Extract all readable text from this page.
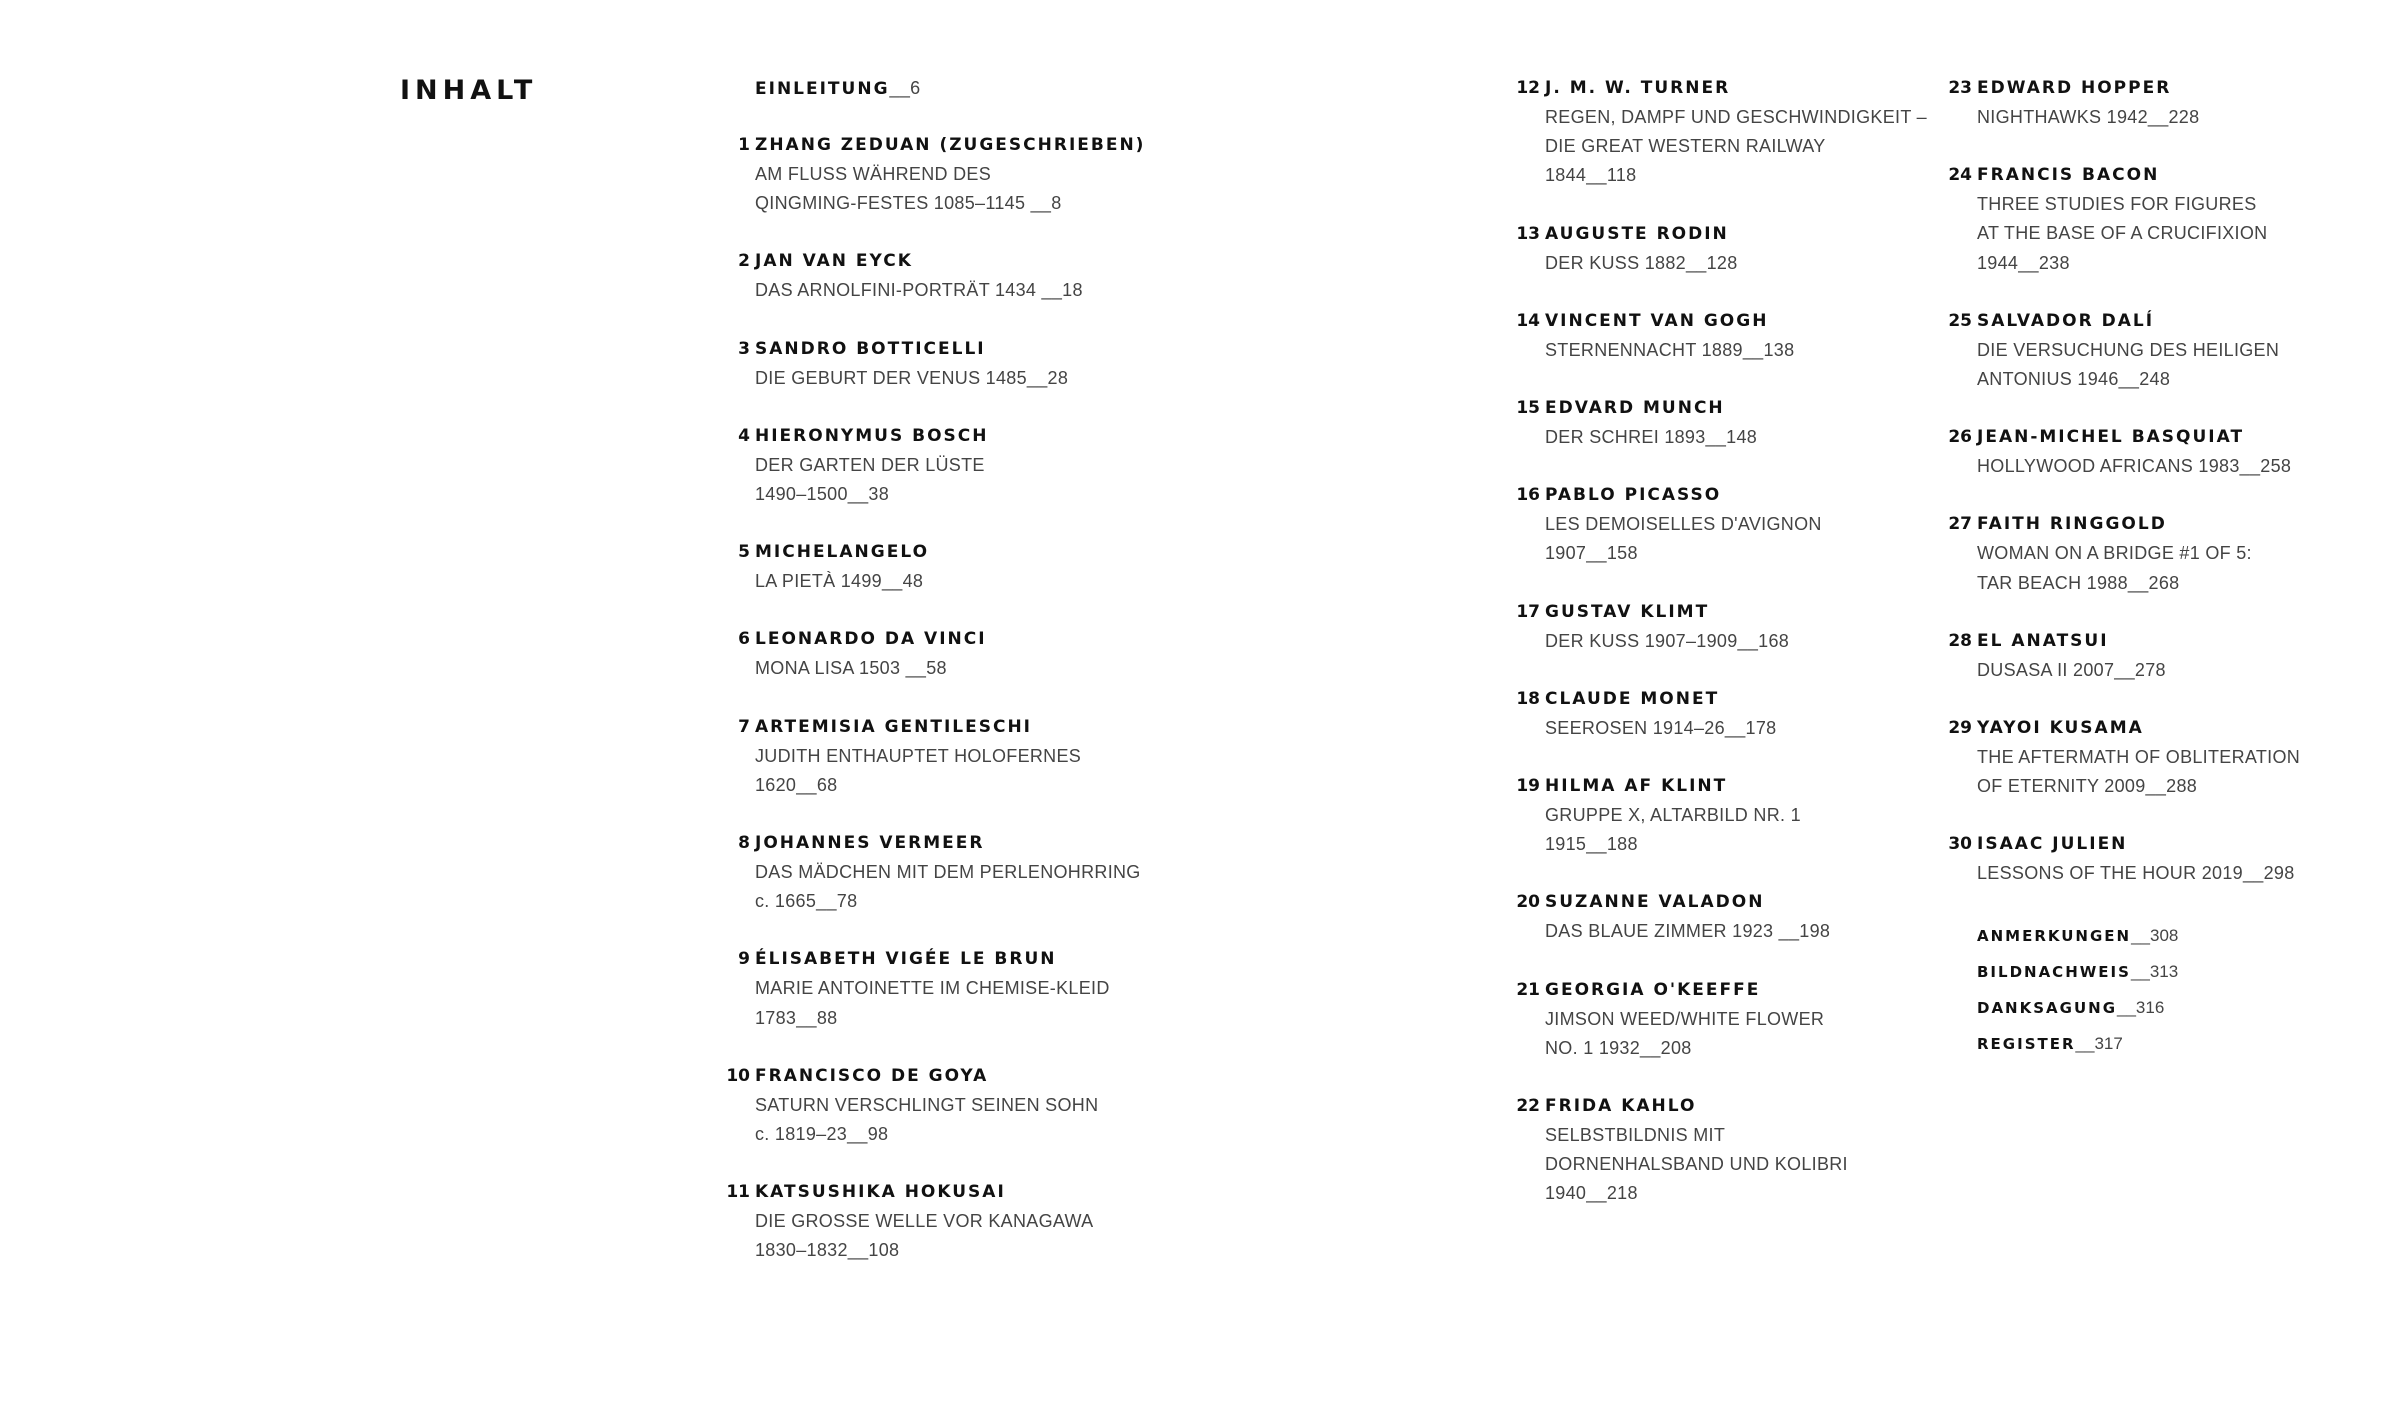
INHALT	EINLEITUNG__6
1 ZHANG ZEDUAN (ZUGESCHRIEBEN)
AM FLUSS WÄHREND DES
QINGMING-FESTES 1085–1145 __8
2 JAN VAN EYCK
DAS ARNOLFINI-PORTRÄT 1434 __18
3 SANDRO BOTTICELLI
DIE GEBURT DER VENUS 1485__28
4 HIERONYMUS BOSCH
DER GARTEN DER LÜSTE
1490–1500__38
5 MICHELANGELO
LA PIETÀ 1499__48
6 LEONARDO DA VINCI
MONA LISA 1503 __58
7 ARTEMISIA GENTILESCHI
JUDITH ENTHAUPTET HOLOFERNES
1620__68
8 JOHANNES VERMEER
DAS MÄDCHEN MIT DEM PERLENOHRRING
c. 1665__78
9 ÉLISABETH VIGÉE LE BRUN
MARIE ANTOINETTE IM CHEMISE-KLEID
1783__88
10 FRANCISCO DE GOYA
SATURN VERSCHLINGT SEINEN SOHN
c. 1819–23__98
11 KATSUSHIKA HOKUSAI
DIE GROSSE WELLE VOR KANAGAWA
1830–1832__108
12 J. M. W. TURNER
REGEN, DAMPF UND GESCHWINDIGKEIT –
DIE GREAT WESTERN RAILWAY
1844__118
13 AUGUSTE RODIN
DER KUSS 1882__128
14 VINCENT VAN GOGH
STERNENNACHT 1889__138
15 EDVARD MUNCH
DER SCHREI 1893__148
16 PABLO PICASSO
LES DEMOISELLES D'AVIGNON
1907__158
17 GUSTAV KLIMT
DER KUSS 1907–1909__168
18 CLAUDE MONET
SEEROSEN 1914–26__178
19 HILMA AF KLINT
GRUPPE X, ALTARBILD NR. 1
1915__188
20 SUZANNE VALADON
DAS BLAUE ZIMMER 1923 __198
21 GEORGIA O'KEEFFE
JIMSON WEED/WHITE FLOWER
NO. 1 1932__208
22 FRIDA KAHLO
SELBSTBILDNIS MIT
DORNENHALSBAND UND KOLIBRI
1940__218
23 EDWARD HOPPER
NIGHTHAWKS 1942__228
24 FRANCIS BACON
THREE STUDIES FOR FIGURES
AT THE BASE OF A CRUCIFIXION
1944__238
25 SALVADOR DALÍ
DIE VERSUCHUNG DES HEILIGEN
ANTONIUS 1946__248
26 JEAN-MICHEL BASQUIAT
HOLLYWOOD AFRICANS 1983__258
27 FAITH RINGGOLD
WOMAN ON A BRIDGE #1 OF 5:
TAR BEACH 1988__268
28 EL ANATSUI
DUSASA II 2007__278
29 YAYOI KUSAMA
THE AFTERMATH OF OBLITERATION
OF ETERNITY 2009__288
30 ISAAC JULIEN
LESSONS OF THE HOUR 2019__298
ANMERKUNGEN__308
BILDNACHWEIS__313
DANKSAGUNG__316
REGISTER__317
